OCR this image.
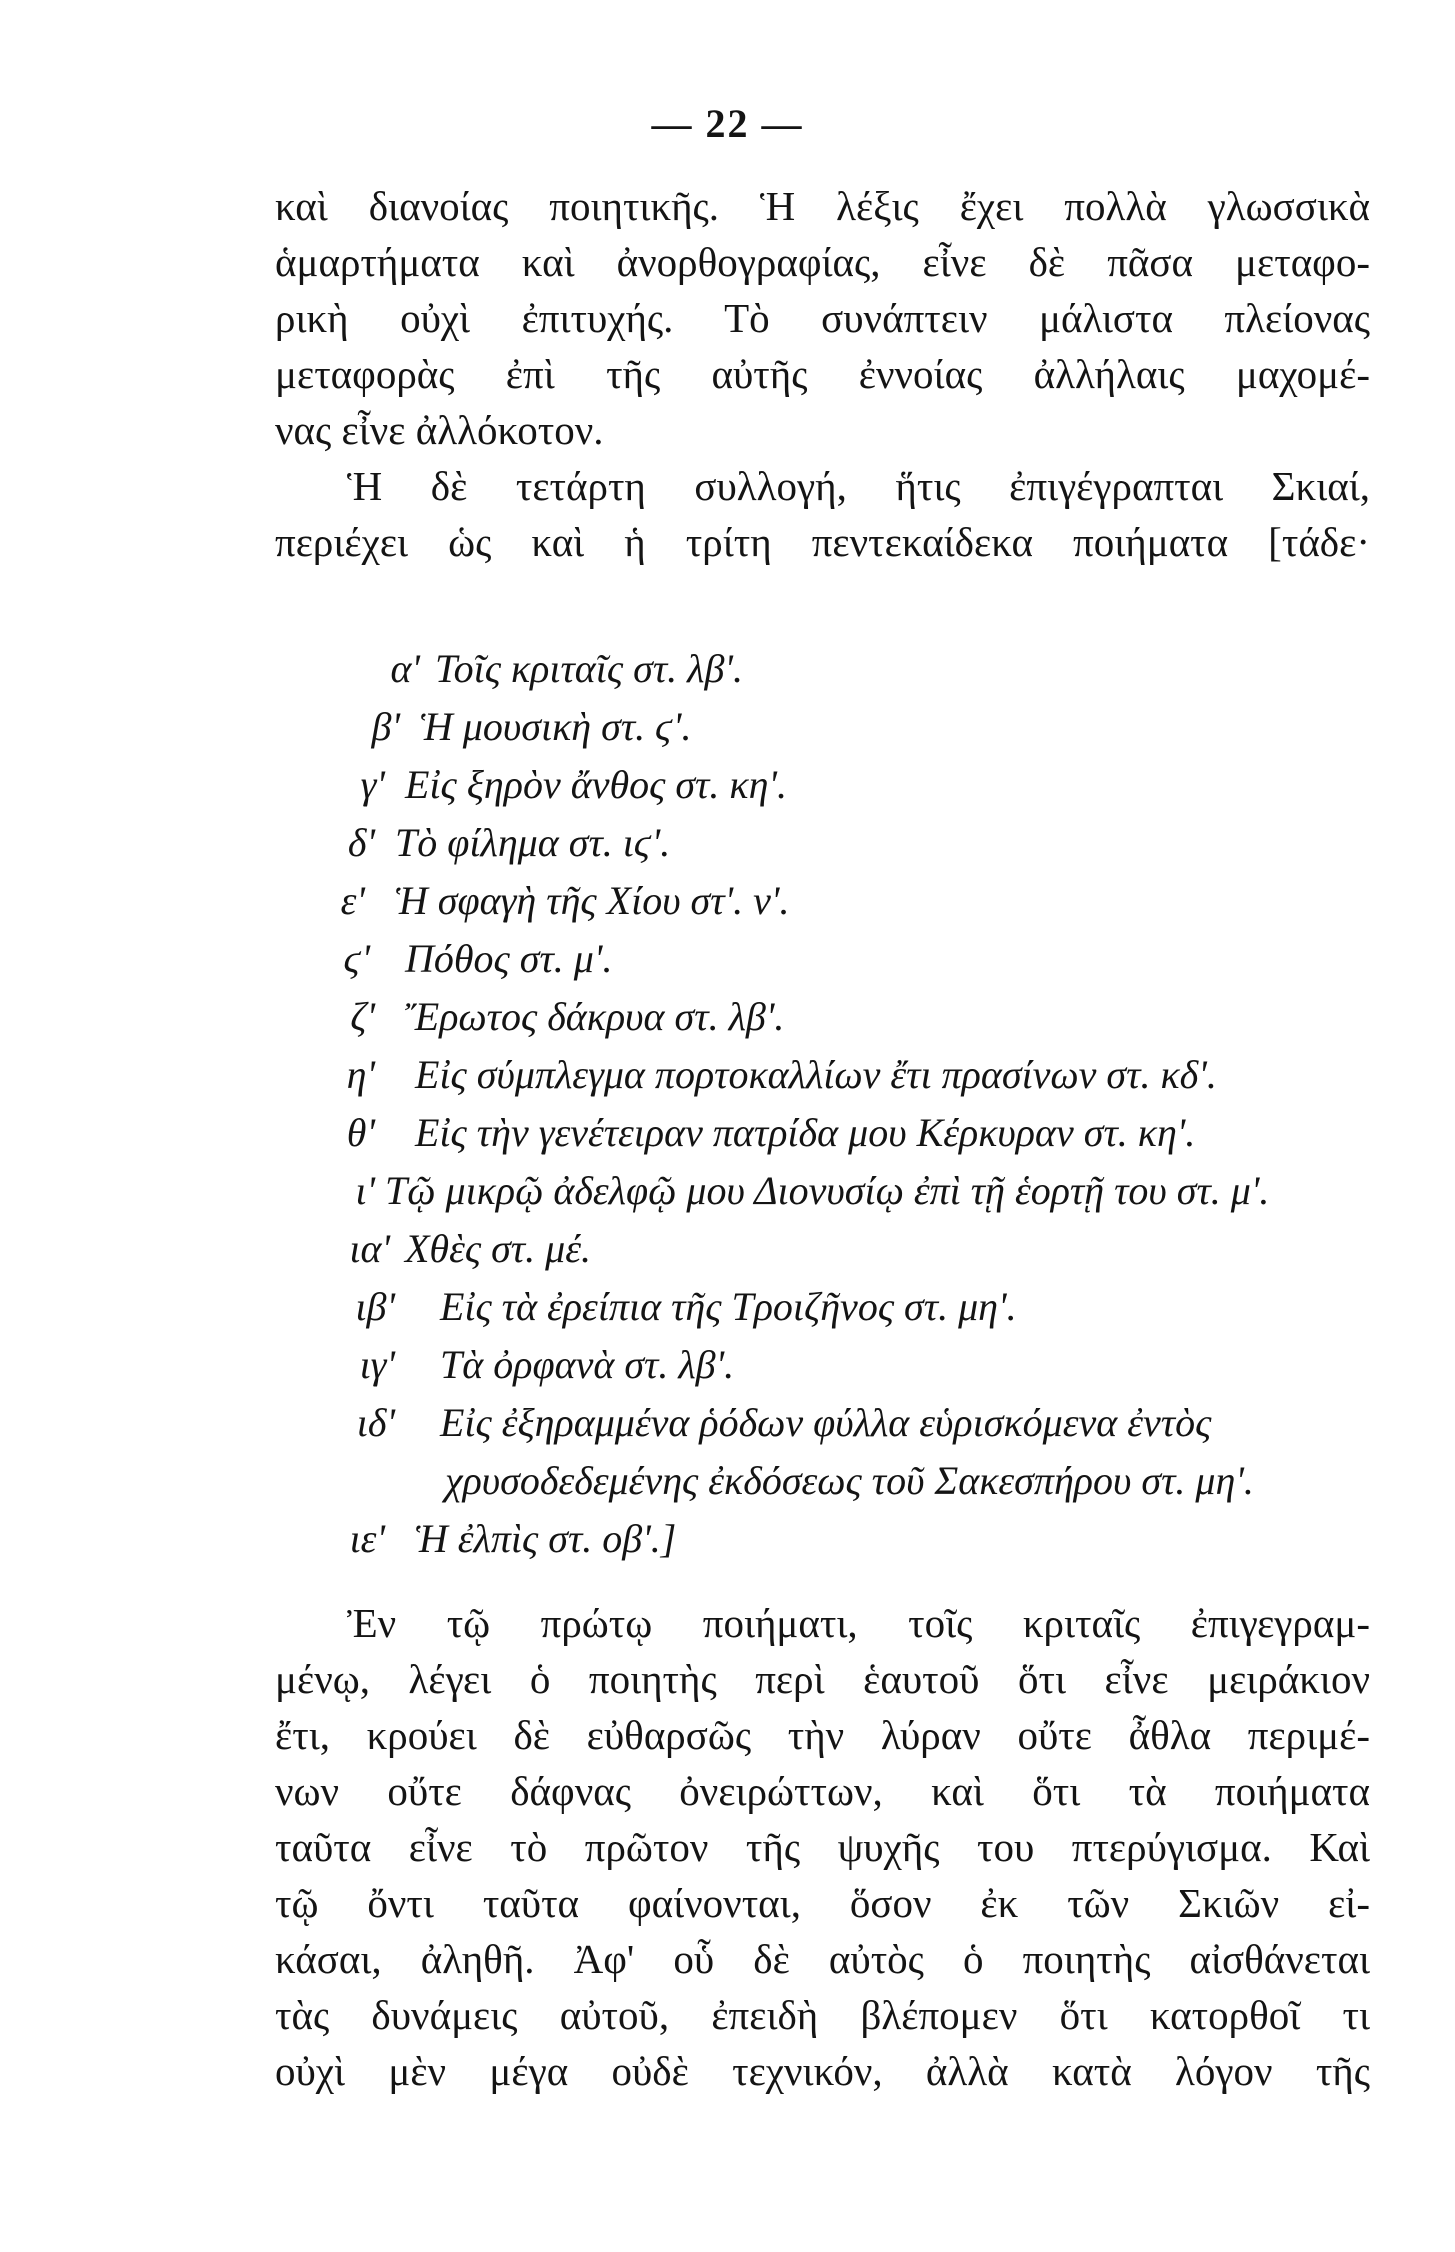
— 22 —
καὶ διανοίας ποιητικῆς. Ἡ λέξις ἔχει πολλὰ γλωσσικὰ
ἁμαρτήματα καὶ ἀνορθογραφίας, εἶνε δὲ πᾶσα μεταφο-
ρικὴ οὐχὶ ἐπιτυχής. Τὸ συνάπτειν μάλιστα πλείονας
μεταφορὰς ἐπὶ τῆς αὐτῆς ἐννοίας ἀλλήλαις μαχομέ-
νας εἶνε ἀλλόκοτον.
Ἡ δὲ τετάρτη συλλογή, ἥτις ἐπιγέγραπται Σκιαί,
περιέχει ὡς καὶ ἡ τρίτη πεντεκαίδεκα ποιήματα [τάδε·
α' Τοῖς κριταῖς στ. λβ'.
β' Ἡ μουσικὴ στ. ϛ'.
γ' Εἰς ξηρὸν ἄνθος στ. κη'.
δ' Τὸ φίλημα στ. ιϛ'.
ε' Ἡ σφαγὴ τῆς Χίου στ'. ν'.
ϛ' Πόθος στ. μ'.
ζ' Ἔρωτος δάκρυα στ. λβ'.
η' Εἰς σύμπλεγμα πορτοκαλλίων ἔτι πρασίνων στ. κδ'.
θ' Εἰς τὴν γενέτειραν πατρίδα μου Κέρκυραν στ. κη'.
ι' Τῷ μικρῷ ἀδελφῷ μου Διονυσίῳ ἐπὶ τῇ ἑορτῇ του στ. μ'.
ια' Χθὲς στ. μέ.
ιβ' Εἰς τὰ ἐρείπια τῆς Τροιζῆνος στ. μη'.
ιγ' Τὰ ὀρφανὰ στ. λβ'.
ιδ' Εἰς ἐξηραμμένα ῥόδων φύλλα εὑρισκόμενα ἐντὸς
χρυσοδεδεμένης ἐκδόσεως τοῦ Σακεσπήρου στ. μη'.
ιε' Ἡ ἐλπὶς στ. οβ'.]
Ἐν τῷ πρώτῳ ποιήματι, τοῖς κριταῖς ἐπιγεγραμ-
μένῳ, λέγει ὁ ποιητὴς περὶ ἑαυτοῦ ὅτι εἶνε μειράκιον
ἔτι, κρούει δὲ εὐθαρσῶς τὴν λύραν οὔτε ἆθλα περιμέ-
νων οὔτε δάφνας ὀνειρώττων, καὶ ὅτι τὰ ποιήματα
ταῦτα εἶνε τὸ πρῶτον τῆς ψυχῆς του πτερύγισμα. Καὶ
τῷ ὄντι ταῦτα φαίνονται, ὅσον ἐκ τῶν Σκιῶν εἰ-
κάσαι, ἀληθῆ. Ἀφ' οὗ δὲ αὐτὸς ὁ ποιητὴς αἰσθάνεται
τὰς δυνάμεις αὐτοῦ, ἐπειδὴ βλέπομεν ὅτι κατορθοῖ τι
οὐχὶ μὲν μέγα οὐδὲ τεχνικόν, ἀλλὰ κατὰ λόγον τῆς
